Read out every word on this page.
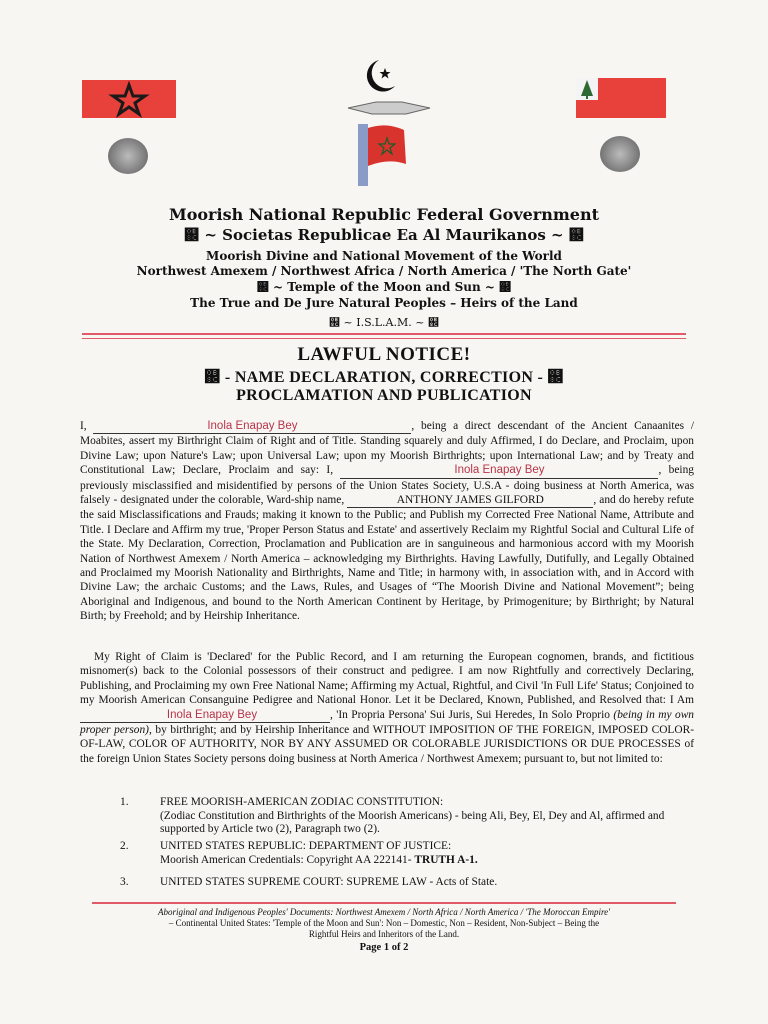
Moorish National Republic Federal Government
஌ ~ Societas Republicae Ea Al Maurikanos ~ ஌
Moorish Divine and National Movement of the World
Northwest Amexem / Northwest Africa / North America / 'The North Gate'
஌ ~ Temple of the Moon and Sun ~ ஌
The True and De Jure Natural Peoples – Heirs of the Land
஌ ~ I.S.L.A.M. ~ ஌
LAWFUL NOTICE!
஌ - NAME DECLARATION, CORRECTION - ஌
PROCLAMATION AND PUBLICATION
I,	Inola Enapay Bey	, being a direct descendant of the Ancient Canaanites / Moabites, assert my Birthright Claim of Right and of Title. Standing squarely and duly Affirmed, I do Declare, and Proclaim, upon Divine Law; upon Nature's Law; upon Universal Law; upon my Moorish Birthrights; upon International Law; and by Treaty and Constitutional Law; Declare, Proclaim and say: I,	Inola Enapay Bey	, being previously misclassified and misidentified by persons of the Union States Society, U.S.A - doing business at North America, was falsely - designated under the colorable, Ward-ship name,	ANTHONY JAMES GILFORD	, and do hereby refute the said Misclassifications and Frauds; making it known to the Public; and Publish my Corrected Free National Name, Attribute and Title. I Declare and Affirm my true, 'Proper Person Status and Estate' and assertively Reclaim my Rightful Social and Cultural Life of the State. My Declaration, Correction, Proclamation and Publication are in sanguineous and harmonious accord with my Moorish Nation of Northwest Amexem / North America – acknowledging my Birthrights. Having Lawfully, Dutifully, and Legally Obtained and Proclaimed my Moorish Nationality and Birthrights, Name and Title; in harmony with, in association with, and in Accord with Divine Law; the archaic Customs; and the Laws, Rules, and Usages of “The Moorish Divine and National Movement”; being Aboriginal and Indigenous, and bound to the North American Continent by Heritage, by Primogeniture; by Birthright; by Natural Birth; by Freehold; and by Heirship Inheritance.
My Right of Claim is 'Declared' for the Public Record, and I am returning the European cognomen, brands, and fictitious misnomer(s) back to the Colonial possessors of their construct and pedigree. I am now Rightfully and correctively Declaring, Publishing, and Proclaiming my own Free National Name; Affirming my Actual, Rightful, and Civil 'In Full Life' Status; Conjoined to my Moorish American Consanguine Pedigree and National Honor. Let it be Declared, Known, Published, and Resolved that: I Am Inola Enapay Bey	, 'In Propria Persona' Sui Juris, Sui Heredes, In Solo Proprio (being in my own proper person), by birthright; and by Heirship Inheritance and WITHOUT IMPOSITION OF THE FOREIGN, IMPOSED COLOR-OF-LAW, COLOR OF AUTHORITY, NOR BY ANY ASSUMED OR COLORABLE JURISDICTIONS OR DUE PROCESSES of the foreign Union States Society persons doing business at North America / Northwest Amexem; pursuant to, but not limited to:
1.	FREE MOORISH-AMERICAN ZODIAC CONSTITUTION:
(Zodiac Constitution and Birthrights of the Moorish Americans) - being Ali, Bey, El, Dey and Al, affirmed and supported by Article two (2), Paragraph two (2).
2.	UNITED STATES REPUBLIC: DEPARTMENT OF JUSTICE:
Moorish American Credentials: Copyright AA 222141- TRUTH A-1.
3.	UNITED STATES SUPREME COURT: SUPREME LAW - Acts of State.
Aboriginal and Indigenous Peoples' Documents: Northwest Amexem / North Africa / North America / 'The Moroccan Empire'
– Continental United States: 'Temple of the Moon and Sun': Non – Domestic, Non – Resident, Non-Subject – Being the
Rightful Heirs and Inheritors of the Land.
Page 1 of 2
